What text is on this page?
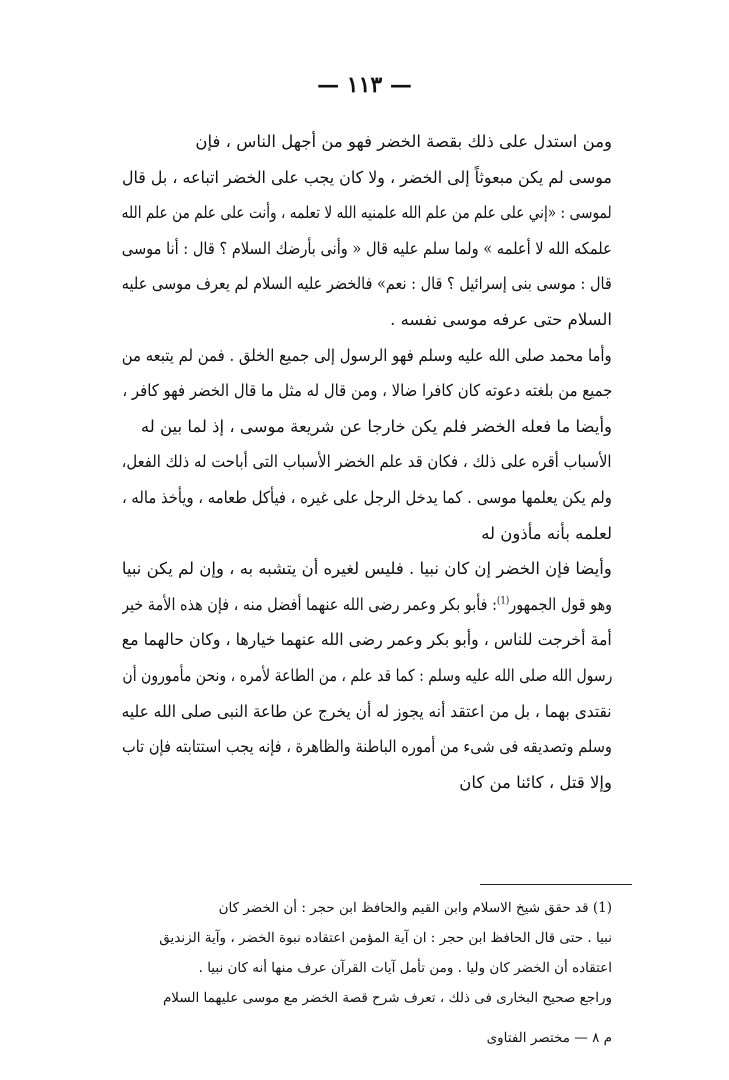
— ١١٣ —
ومن استدل على ذلك بقصة الخضر فهو من أجهل الناس ، فإن
موسى لم يكن مبعوثاً إلى الخضر ، ولا كان يجب على الخضر اتباعه ، بل قال
لموسى : «إني على علم من علم الله علمنيه الله لا تعلمه ، وأنت على علم من علم الله
علمكه الله لا أعلمه » ولما سلم عليه قال « وأنى بأرضك السلام ؟ قال : أنا موسى
قال : موسى بنى إسرائيل ؟ قال : نعم» فالخضر عليه السلام لم يعرف موسى عليه
السلام حتى عرفه موسى نفسه .
وأما محمد صلى الله عليه وسلم فهو الرسول إلى جميع الخلق . فمن لم يتبعه من
جميع من بلغته دعوته كان كافرا ضالا ، ومن قال له مثل ما قال الخضر فهو كافر ،
وأيضا ما فعله الخضر فلم يكن خارجا عن شريعة موسى ، إذ لما بين له
الأسباب أقره على ذلك ، فكان قد علم الخضر الأسباب التى أباحت له ذلك الفعل،
ولم يكن يعلمها موسى . كما يدخل الرجل على غيره ، فيأكل طعامه ، ويأخذ ماله ،
لعلمه بأنه مأذون له
وأيضا فإن الخضر إن كان نبيا . فليس لغيره أن يتشبه به ، وإن لم يكن نبيا
وهو قول الجمهور$^{(1)}$: فأبو بكر وعمر رضى الله عنهما أفضل منه ، فإن هذه الأمة خير
أمة أخرجت للناس ، وأبو بكر وعمر رضى الله عنهما خيارها ، وكان حالهما مع
رسول الله صلى الله عليه وسلم : كما قد علم ، من الطاعة لأمره ، ونحن مأمورون أن
نقتدى بهما ، بل من اعتقد أنه يجوز له أن يخرج عن طاعة النبى صلى الله عليه
وسلم وتصديقه فى شىء من أموره الباطنة والظاهرة ، فإنه يجب استتابته فإن تاب
وإلا قتل ، كائنا من كان
(1) قد حقق شيخ الاسلام وابن القيم والحافظ ابن حجر : أن الخضر كان
نبيا . حتى قال الحافظ ابن حجر : ان آية المؤمن اعتقاده نبوة الخضر ، وآية الزنديق
اعتقاده أن الخضر كان وليا . ومن تأمل آيات القرآن عرف منها أنه كان نبيا .
وراجع صحيح البخارى فى ذلك ، تعرف شرح قصة الخضر مع موسى عليهما السلام
م ٨ — مختصر الفتاوى
